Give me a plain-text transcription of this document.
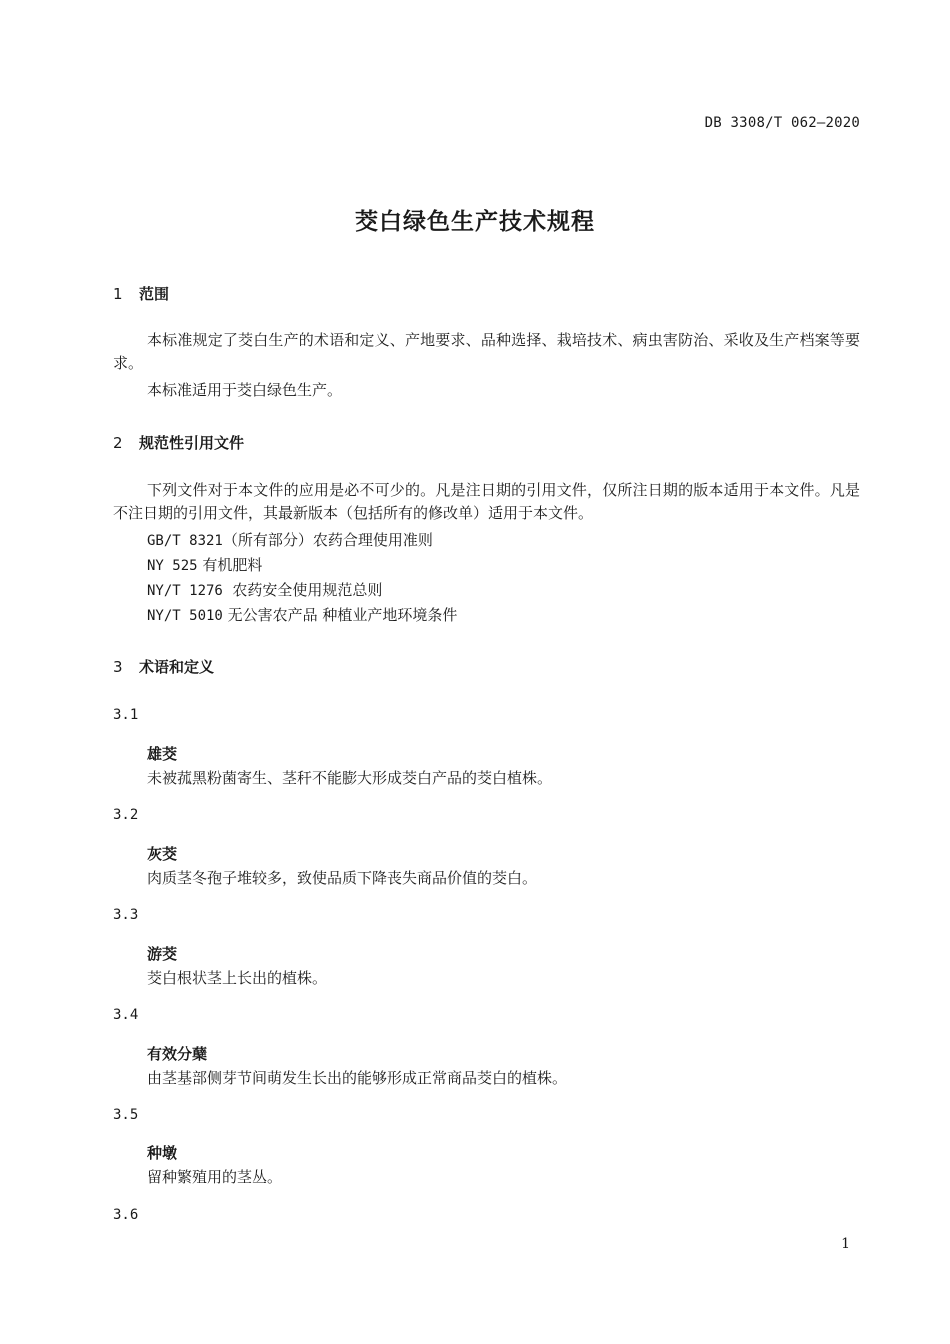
DB 3308/T 062—2020
茭白绿色生产技术规程
1 范围
本标准规定了茭白生产的术语和定义、产地要求、品种选择、栽培技术、病虫害防治、采收及生产档案等要求。
本标准适用于茭白绿色生产。
2 规范性引用文件
下列文件对于本文件的应用是必不可少的。凡是注日期的引用文件，仅所注日期的版本适用于本文件。凡是不注日期的引用文件，其最新版本（包括所有的修改单）适用于本文件。
GB/T 8321（所有部分）农药合理使用准则
NY 525 有机肥料
NY/T 1276  农药安全使用规范总则
NY/T 5010 无公害农产品 种植业产地环境条件
3 术语和定义
3.1
雄茭
未被菰黑粉菌寄生、茎秆不能膨大形成茭白产品的茭白植株。
3.2
灰茭
肉质茎冬孢子堆较多，致使品质下降丧失商品价值的茭白。
3.3
游茭
茭白根状茎上长出的植株。
3.4
有效分蘖
由茎基部侧芽节间萌发生长出的能够形成正常商品茭白的植株。
3.5
种墩
留种繁殖用的茎丛。
3.6
1
